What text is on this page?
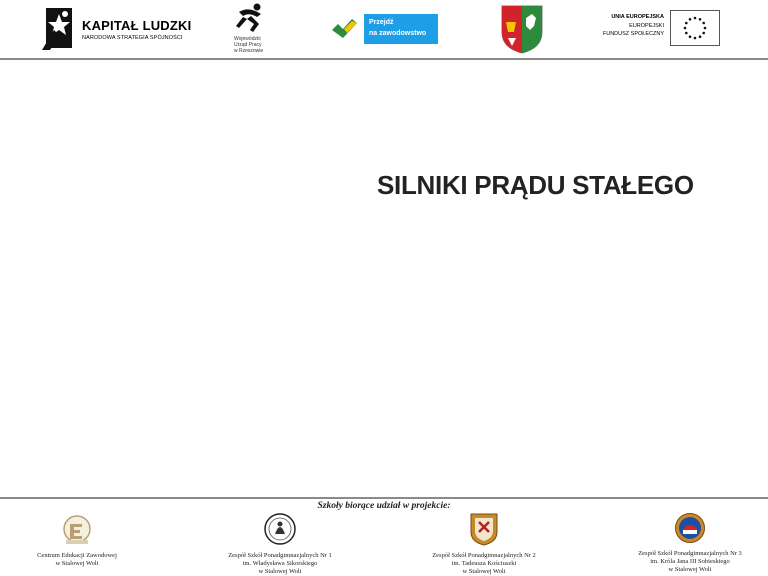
KAPITAŁ LUDZKI
NARODOWA STRATEGIA SPÓJNOŚCI	Wojewódzki
Urząd Pracy
w Rzeszowie
Przejdź
na zawodowstwo
UNIA EUROPEJSKA
EUROPEJSKI
FUNDUSZ SPOŁECZNY
SILNIKI PRĄDU STAŁEGO
Szkoły biorące udział w projekcie:
Centrum Edukacji Zawodowej
w Stalowej Woli
Zespół Szkół Ponadgimnazjalnych Nr 1
im. Władysława Sikorskiego
w Stalowej Woli
Zespół Szkół Ponadgimnazjalnych Nr 2
im. Tadeusza Kościuszki
w Stalowej Woli
Zespół Szkół Ponadgimnazjalnych Nr 3
im. Króla Jana III Sobieskiego
w Stalowej Woli
